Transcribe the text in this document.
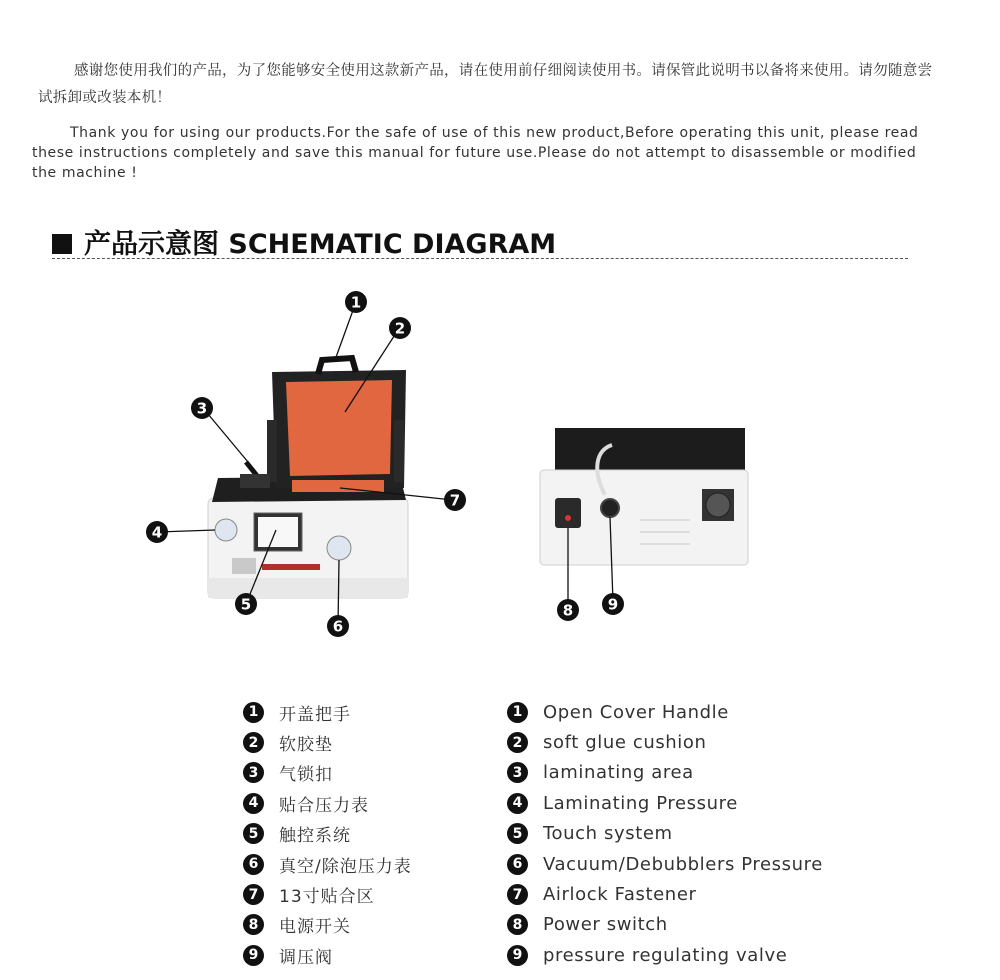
感谢您使用我们的产品，为了您能够安全使用这款新产品，请在使用前仔细阅读使用书。请保管此说明书以备将来使用。请勿随意尝试拆卸或改装本机！
Thank you for using our products.For the safe of use of this new product,Before operating this unit, please read these instructions completely and save this manual for future use.Please do not attempt to disassemble or modified the machine !
产品示意图 SCHEMATIC DIAGRAM
1
2
3
4
5
6
7
8 9
1	开盖把手
2	软胶垫
3	气锁扣
4	贴合压力表
5	触控系统
6	真空/除泡压力表
7	13寸贴合区
8	电源开关
9	调压阀
1	Open Cover Handle
2	soft glue cushion
3	laminating area
4	Laminating Pressure
5	Touch system
6	Vacuum/Debubblers Pressure
7	Airlock Fastener
8	Power switch
9	pressure regulating valve
